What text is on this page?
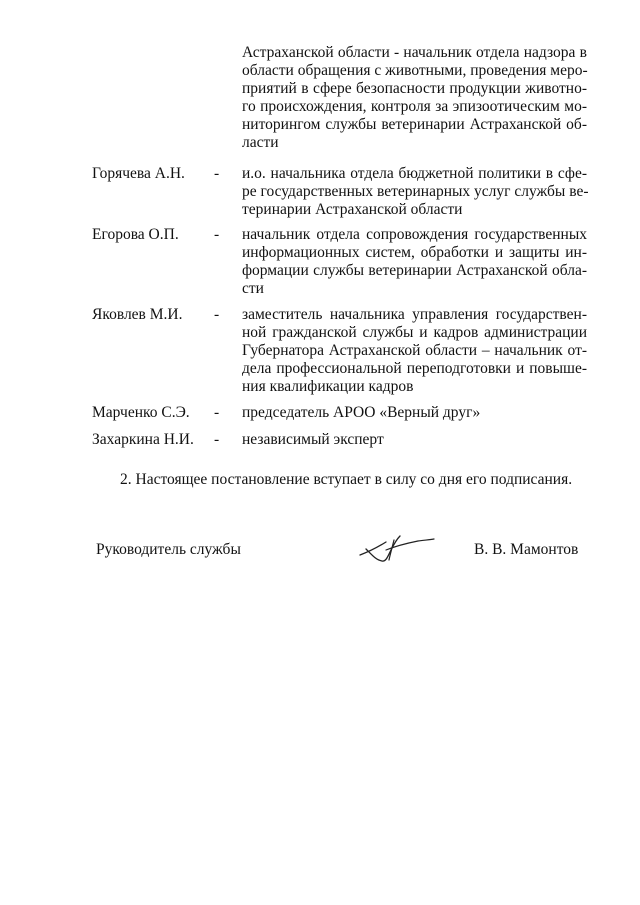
Астраханской области - начальник отдела надзора в
области обращения с животными, проведения меро-
приятий в сфере безопасности продукции животно-
го происхождения, контроля за эпизоотическим мо-
ниторингом службы ветеринарии Астраханской об-
ласти
Горячева А.Н. - и.о. начальника отдела бюджетной политики в сфе-
ре государственных ветеринарных услуг службы ве-
теринарии Астраханской области
Егорова О.П. - начальник отдела сопровождения государственных
информационных систем, обработки и защиты ин-
формации службы ветеринарии Астраханской обла-
сти
Яковлев М.И. - заместитель начальника управления государствен-
ной гражданской службы и кадров администрации
Губернатора Астраханской области – начальник от-
дела профессиональной переподготовки и повыше-
ния квалификации кадров
Марченко С.Э. - председатель АРОО «Верный друг»
Захаркина Н.И. - независимый эксперт
2. Настоящее постановление вступает в силу со дня его подписания.
Руководитель службы	В. В. Мамонтов
